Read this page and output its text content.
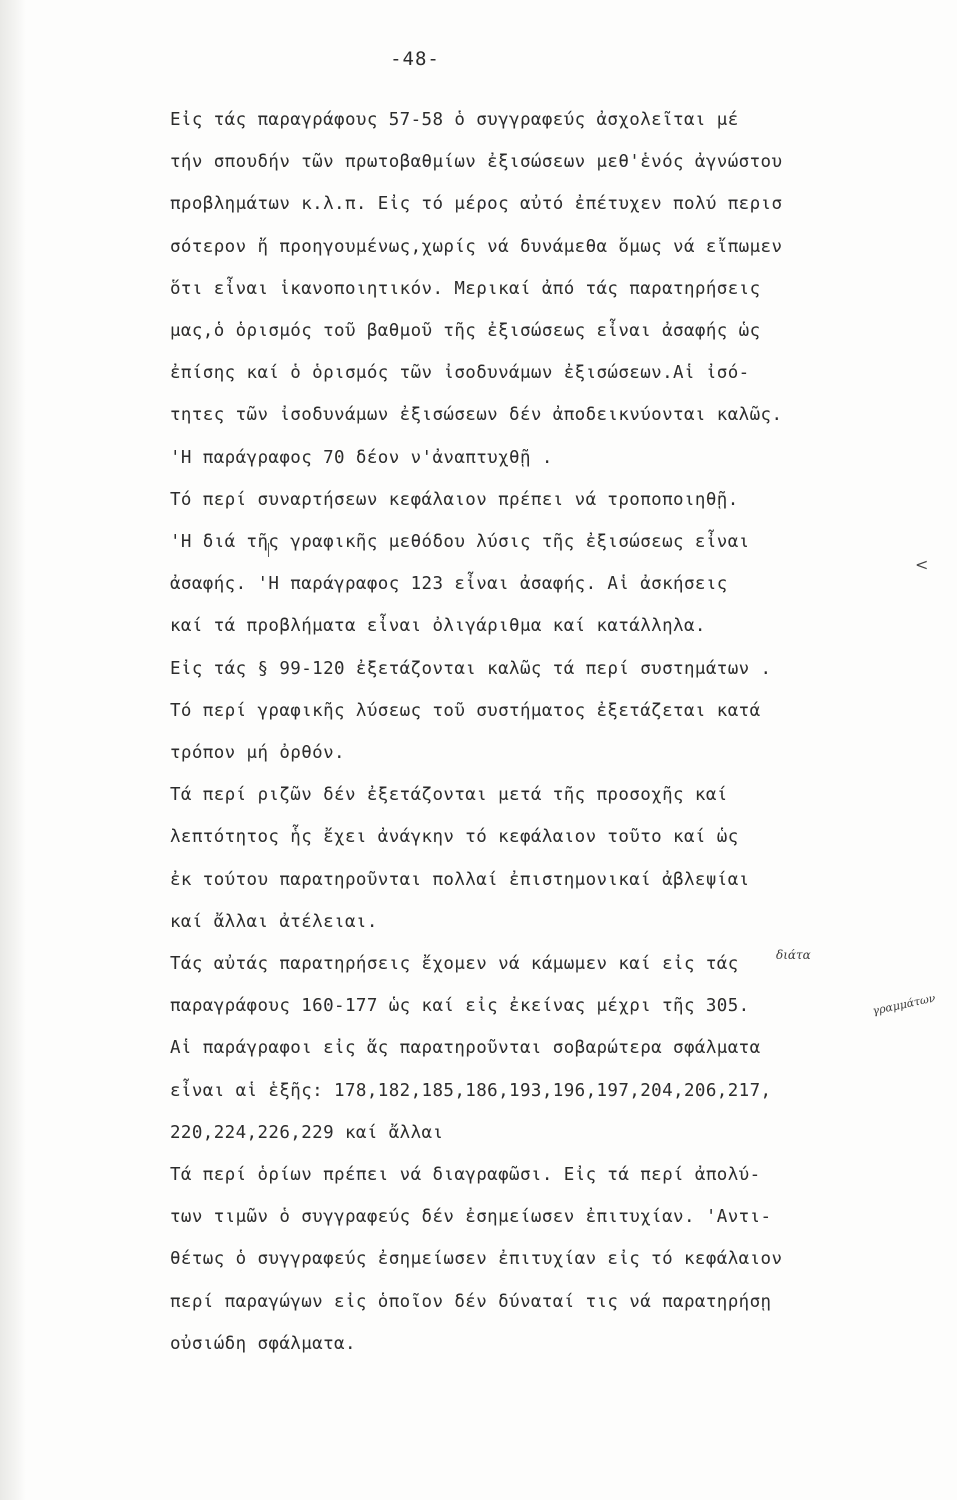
-48-
Εἰς τάς παραγράφους 57-58 ὁ συγγραφεύς ἀσχολεῖται μέ
τήν σπουδήν τῶν πρωτοβαθμίων ἐξισώσεων μεθ'ἑνός ἀγνώστου
προβλημάτων κ.λ.π. Εἰς τό μέρος αὐτό ἐπέτυχεν πολύ περισ
σότερον ἤ προηγουμένως,χωρίς νά δυνάμεθα ὅμως νά εἴπωμεν
ὅτι εἶναι ἱκανοποιητικόν. Μερικαί ἀπό τάς παρατηρήσεις
μας,ὁ ὁρισμός τοῦ βαθμοῦ τῆς ἐξισώσεως εἶναι ἀσαφής ὡς
ἐπίσης καί ὁ ὁρισμός τῶν ἰσοδυνάμων ἐξισώσεων.Αἱ ἰσό-
τητες τῶν ἰσοδυνάμων ἐξισώσεων δέν ἀποδεικνύονται καλῶς.
'Η παράγραφος 70 δέον ν'ἀναπτυχθῇ .
Τό περί συναρτήσεων κεφάλαιον πρέπει νά τροποποιηθῇ.
'Η διά τῆς γραφικῆς μεθόδου λύσις τῆς ἐξισώσεως εἶναι
ἀσαφής. 'Η παράγραφος 123 εἶναι ἀσαφής. Αἱ ἀσκήσεις
καί τά προβλήματα εἶναι ὀλιγάριθμα καί κατάλληλα.
Εἰς τάς § 99-120 ἐξετάζονται καλῶς τά περί συστημάτων .
Τό περί γραφικῆς λύσεως τοῦ συστήματος ἐξετάζεται κατά
τρόπον μή ὀρθόν.
Τά περί ριζῶν δέν ἐξετάζονται μετά τῆς προσοχῆς καί
λεπτότητος ἧς ἔχει ἀνάγκην τό κεφάλαιον τοῦτο καί ὡς
ἐκ τούτου παρατηροῦνται πολλαί ἐπιστημονικαί ἀβλεψίαι
καί ἄλλαι ἀτέλειαι.
Τάς αὐτάς παρατηρήσεις ἔχομεν νά κάμωμεν καί εἰς τάς
παραγράφους 160-177 ὡς καί εἰς ἐκείνας μέχρι τῆς 305.
Αἱ παράγραφοι εἰς ἅς παρατηροῦνται σοβαρώτερα σφάλματα
εἶναι αἱ ἑξῆς: 178,182,185,186,193,196,197,204,206,217,
220,224,226,229 καί ἄλλαι
Τά περί ὁρίων πρέπει νά διαγραφῶσι. Εἰς τά περί ἀπολύ-
των τιμῶν ὁ συγγραφεύς δέν ἐσημείωσεν ἐπιτυχίαν. 'Αντι-
θέτως ὁ συγγραφεύς ἐσημείωσεν ἐπιτυχίαν εἰς τό κεφάλαιον
περί παραγώγων εἰς ὁποῖον δέν δύναταί τις νά παρατηρήσῃ
οὐσιώδη σφάλματα.
<
διάτα
γραμμάτων
